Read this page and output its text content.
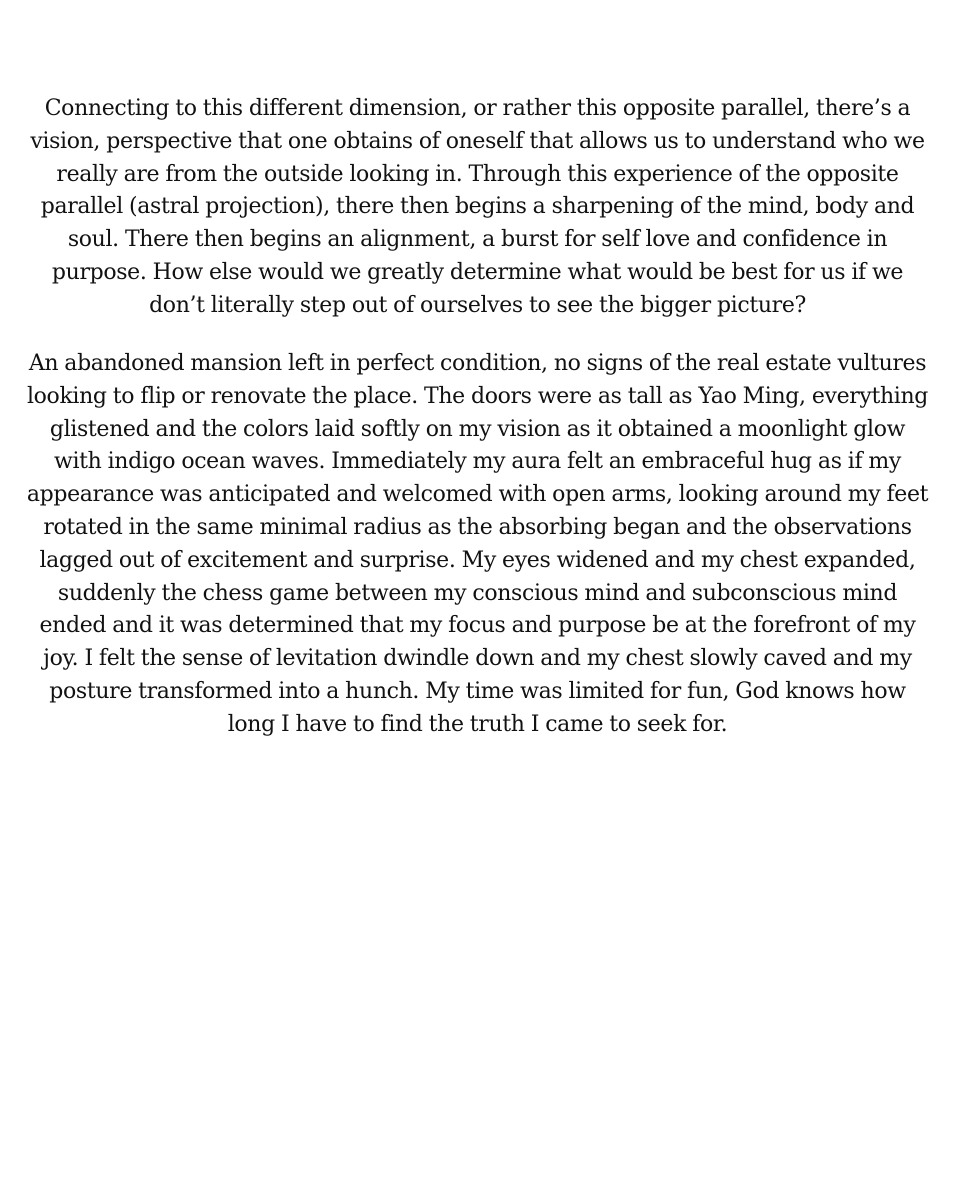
Connecting to this different dimension, or rather this opposite parallel, there’s a
vision, perspective that one obtains of oneself that allows us to understand who we
really are from the outside looking in. Through this experience of the opposite
parallel (astral projection), there then begins a sharpening of the mind, body and
soul. There then begins an alignment, a burst for self love and confidence in
purpose. How else would we greatly determine what would be best for us if we
don’t literally step out of ourselves to see the bigger picture?

An abandoned mansion left in perfect condition, no signs of the real estate vultures
looking to flip or renovate the place. The doors were as tall as Yao Ming, everything
glistened and the colors laid softly on my vision as it obtained a moonlight glow
with indigo ocean waves. Immediately my aura felt an embraceful hug as if my
appearance was anticipated and welcomed with open arms, looking around my feet
rotated in the same minimal radius as the absorbing began and the observations
lagged out of excitement and surprise. My eyes widened and my chest expanded,
suddenly the chess game between my conscious mind and subconscious mind
ended and it was determined that my focus and purpose be at the forefront of my
joy. I felt the sense of levitation dwindle down and my chest slowly caved and my
posture transformed into a hunch. My time was limited for fun, God knows how
long I have to find the truth I came to seek for.
